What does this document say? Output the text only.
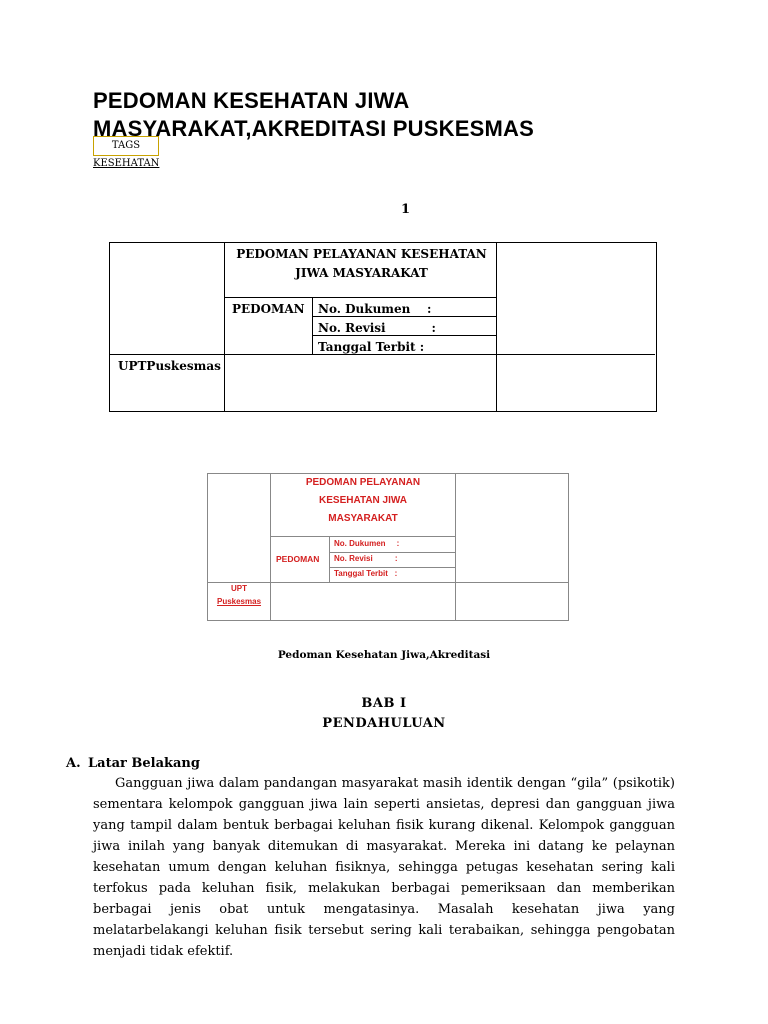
PEDOMAN KESEHATAN JIWA MASYARAKAT,AKREDITASI PUSKESMAS
TAGS
KESEHATAN
1
PEDOMAN PELAYANAN KESEHATAN
JIWA MASYARAKAT
PEDOMAN No. Dukumen    :
No. Revisi           :
Tanggal Terbit :
UPTPuskesmas
PEDOMAN PELAYANAN
KESEHATAN JIWA
MASYARAKAT
PEDOMAN
No. Dukumen     :
No. Revisi          :
Tanggal Terbit   :
UPT
Puskesmas
Pedoman Kesehatan Jiwa,Akreditasi
BAB I
PENDAHULUAN
A. Latar Belakang

Gangguan jiwa dalam pandangan masyarakat masih identik dengan “gila” (psikotik) sementara kelompok gangguan jiwa lain seperti ansietas, depresi dan gangguan jiwa yang tampil dalam bentuk berbagai keluhan fisik kurang dikenal. Kelompok gangguan jiwa inilah yang banyak ditemukan di masyarakat. Mereka ini datang ke pelaynan kesehatan umum dengan keluhan fisiknya, sehingga petugas kesehatan sering kali terfokus pada keluhan fisik, melakukan berbagai pemeriksaan dan memberikan berbagai jenis obat untuk mengatasinya. Masalah kesehatan jiwa yang melatarbelakangi keluhan fisik tersebut sering kali terabaikan, sehingga pengobatan menjadi tidak efektif.
